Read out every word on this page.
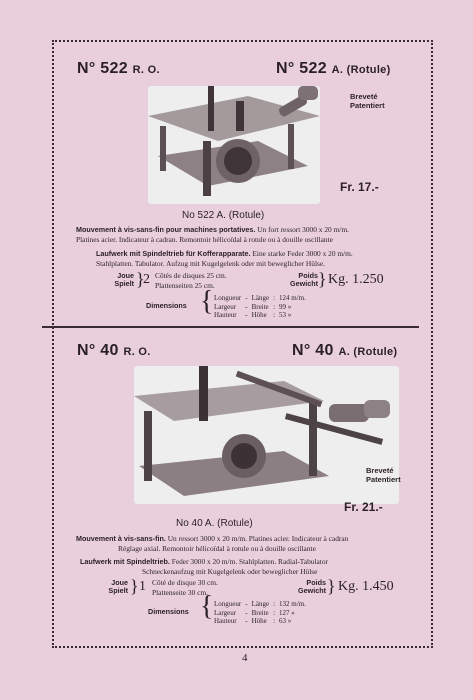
N° 522 R. O.	N° 522 A. (Rotule)
Breveté
Patentiert
Fr. 17.-
No 522 A. (Rotule)
Mouvement à vis-sans-fin pour machines portatives. Un fort ressort 3000 x 20 m/m.
Platines acier. Indicateur à cadran. Remontoir hélicoïdal à rotule ou à douille oscillante
Laufwerk mit Spindeltrieb für Kofferapparate. Eine starke Feder 3000 x 20 m/m.
Stahlplatten. Tabulator. Aufzug mit Kugelgelenk oder mit beweglicher Hülse.
Joue
Spielt }
2 Côtés de disques 25 cm.
Plattenseiten 25 cm.
Poids
Gewicht } Kg. 1.250
Dimensions { Longueur	-	Länge	:	124 m/m.
Largeur	-	Breite	:	99 »
Hauteur	-	Höhe	:	53 »
N° 40 R. O.	N° 40 A. (Rotule)
Breveté
Patentiert
Fr. 21.-
No 40 A. (Rotule)
Mouvement à vis-sans-fin. Un ressort 3000 x 20 m/m. Platines acier. Indicateur à cadran
Réglage axial. Remontoir hélicoïdal à rotule ou à douille oscillante
Laufwerk mit Spindeltrieb. Feder 3000 x 20 m/m. Stahlplatten. Radial-Tabulator
Schneckenaufzug mit Kugelgelenk oder beweglicher Hülse
Joue
Spielt } 1 Côté de disque 30 cm.
Plattenseite 30 cm.
Poids
Gewicht } Kg. 1.450
Dimensions { Longueur	-	Länge	:	132 m/m.
Largeur	-	Breite	:	127 »
Hauteur	-	Höhe	:	63 »
4
